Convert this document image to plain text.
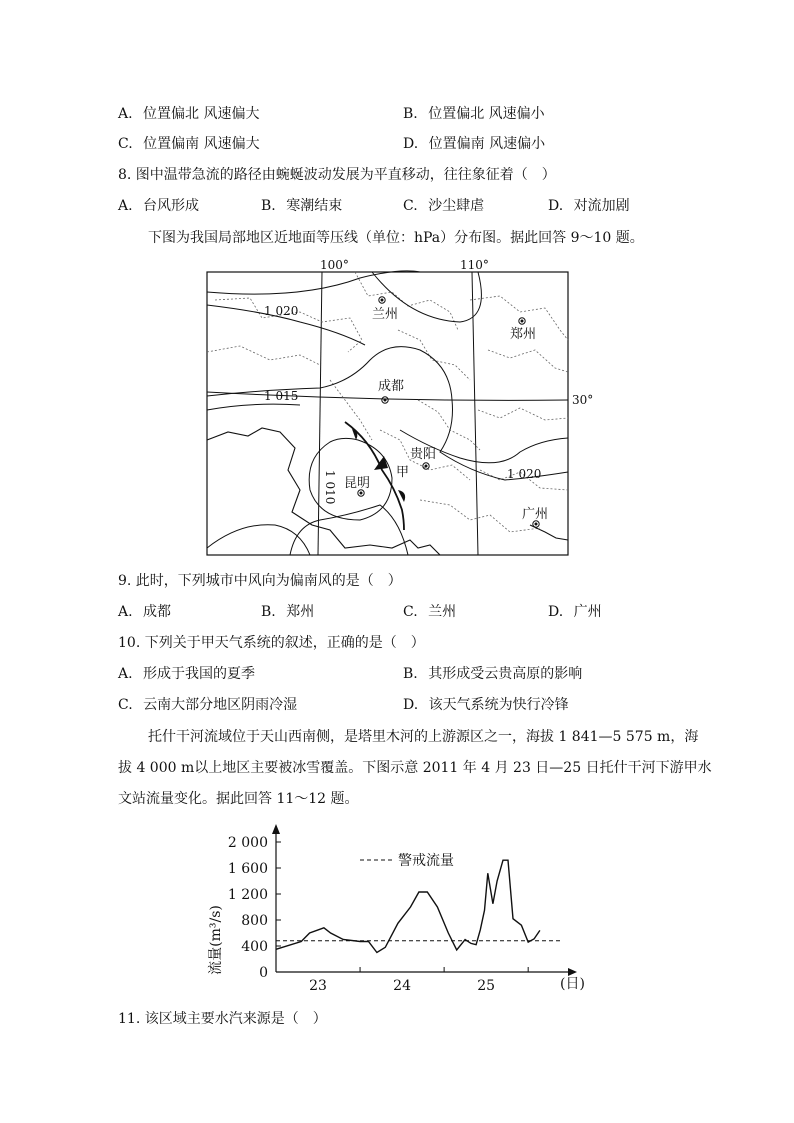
A. 位置偏北 风速偏大	B. 位置偏北 风速偏小
C. 位置偏南 风速偏大	D. 位置偏南 风速偏小
8. 图中温带急流的路径由蜿蜒波动发展为平直移动，往往象征着（　）
A. 台风形成	B. 寒潮结束	C. 沙尘肆虐	D. 对流加剧
下图为我国局部地区近地面等压线（单位：hPa）分布图。据此回答 9～10 题。
100°	110°
30°
1 020
1 015
1 010	1 020
兰州
郑州
成都
贵阳
昆明
广州
甲
9. 此时，下列城市中风向为偏南风的是（　）
A. 成都	B. 郑州	C. 兰州	D. 广州
10. 下列关于甲天气系统的叙述，正确的是（　）
A. 形成于我国的夏季	B. 其形成受云贵高原的影响
C. 云南大部分地区阴雨冷湿	D. 该天气系统为快行冷锋
托什干河流域位于天山西南侧，是塔里木河的上游源区之一，海拔 1 841—5 575 m，海
拔 4 000 m以上地区主要被冰雪覆盖。下图示意 2011 年 4 月 23 日—25 日托什干河下游甲水
文站流量变化。据此回答 11～12 题。
0
400
800
1 200
1 600
2 000
23	24	25
警戒流量
流量(m³/s)
(日)
11. 该区域主要水汽来源是（　）
